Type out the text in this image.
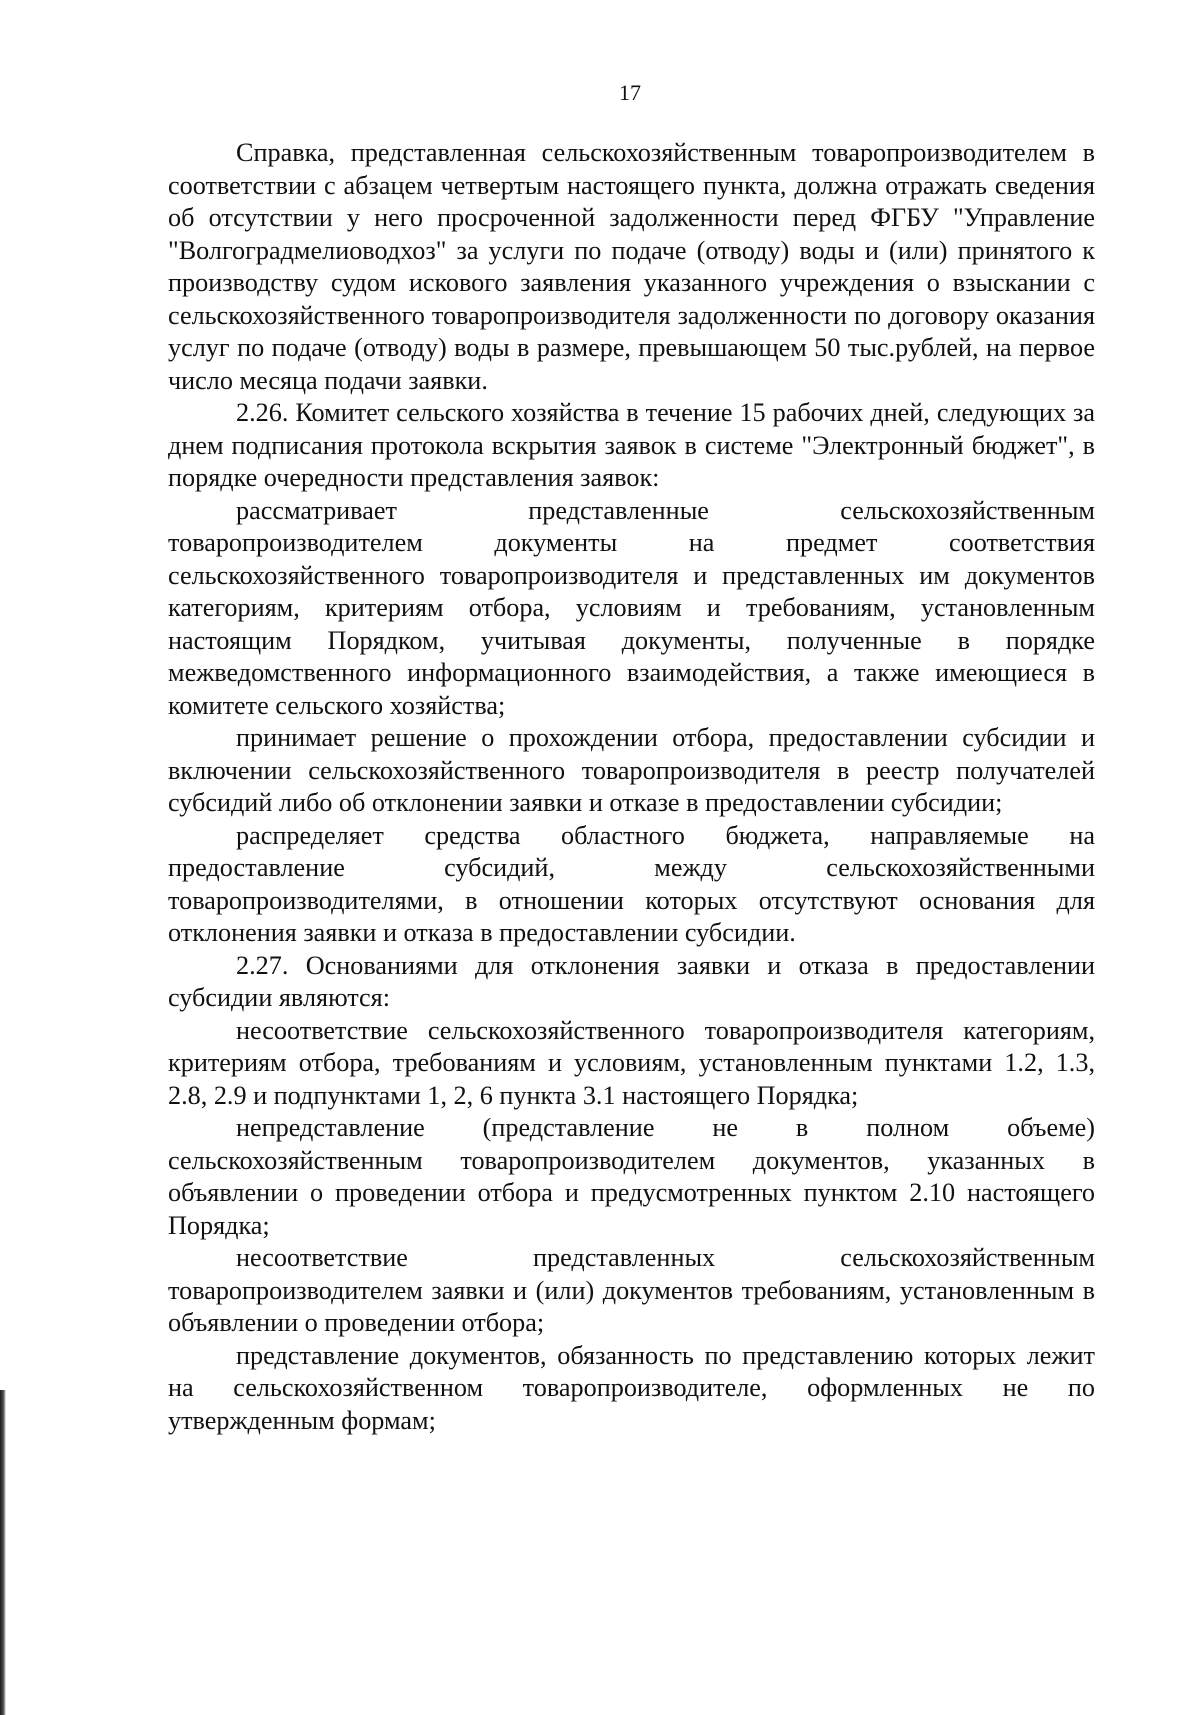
17

Справка, представленная сельскохозяйственным товаропроизводителем в соответствии с абзацем четвертым настоящего пункта, должна отражать сведения об отсутствии у него просроченной задолженности перед ФГБУ "Управление "Волгоградмелиоводхоз" за услуги по подаче (отводу) воды и (или) принятого к производству судом искового заявления указанного учреждения о взыскании с сельскохозяйственного товаропроизводителя задолженности по договору оказания услуг по подаче (отводу) воды в размере, превышающем 50 тыс.рублей, на первое число месяца подачи заявки.

2.26. Комитет сельского хозяйства в течение 15 рабочих дней, следующих за днем подписания протокола вскрытия заявок в системе "Электронный бюджет", в порядке очередности представления заявок:

рассматривает представленные сельскохозяйственным товаропроизводителем документы на предмет соответствия сельскохозяйственного товаропроизводителя и представленных им документов категориям, критериям отбора, условиям и требованиям, установленным настоящим Порядком, учитывая документы, полученные в порядке межведомственного информационного взаимодействия, а также имеющиеся в комитете сельского хозяйства;

принимает решение о прохождении отбора, предоставлении субсидии и включении сельскохозяйственного товаропроизводителя в реестр получателей субсидий либо об отклонении заявки и отказе в предоставлении субсидии;

распределяет средства областного бюджета, направляемые на предоставление субсидий, между сельскохозяйственными товаропроизводителями, в отношении которых отсутствуют основания для отклонения заявки и отказа в предоставлении субсидии.

2.27. Основаниями для отклонения заявки и отказа в предоставлении субсидии являются:

несоответствие сельскохозяйственного товаропроизводителя категориям, критериям отбора, требованиям и условиям, установленным пунктами 1.2, 1.3, 2.8, 2.9 и подпунктами 1, 2, 6 пункта 3.1 настоящего Порядка;

непредставление (представление не в полном объеме) сельскохозяйственным товаропроизводителем документов, указанных в объявлении о проведении отбора и предусмотренных пунктом 2.10 настоящего Порядка;

несоответствие представленных сельскохозяйственным товаропроизводителем заявки и (или) документов требованиям, установленным в объявлении о проведении отбора;

представление документов, обязанность по представлению которых лежит на сельскохозяйственном товаропроизводителе, оформленных не по утвержденным формам;
